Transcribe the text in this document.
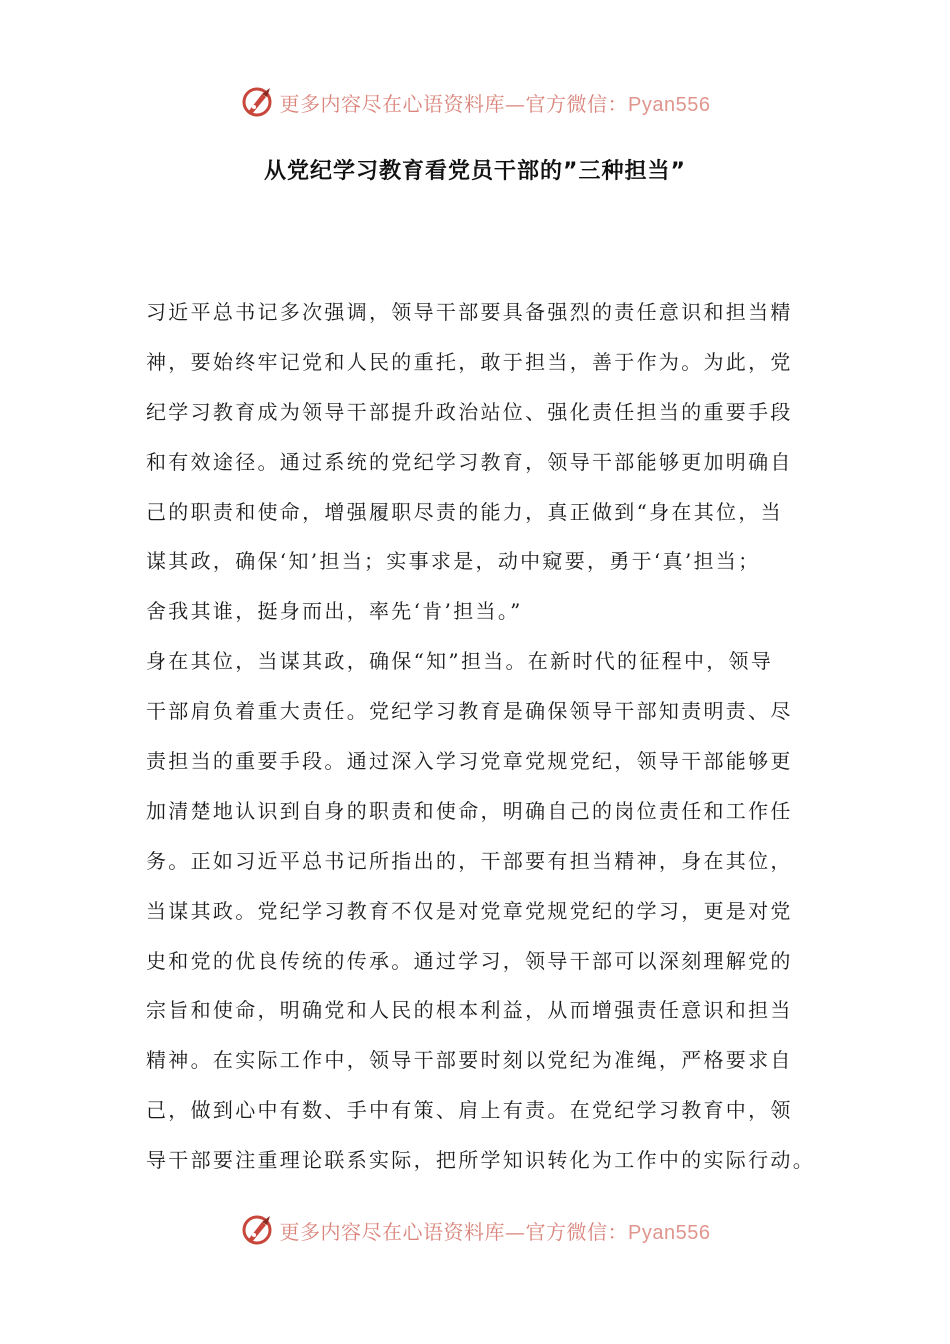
更多内容尽在心语资料库—官方微信：Pyan556
从党纪学习教育看党员干部的”三种担当”
习近平总书记多次强调，领导干部要具备强烈的责任意识和担当精
神，要始终牢记党和人民的重托，敢于担当，善于作为。为此，党
纪学习教育成为领导干部提升政治站位、强化责任担当的重要手段
和有效途径。通过系统的党纪学习教育，领导干部能够更加明确自
己的职责和使命，增强履职尽责的能力，真正做到“身在其位，当
谋其政，确保‘知’担当；实事求是，动中窥要，勇于‘真’担当；
舍我其谁，挺身而出，率先‘肯’担当。”
身在其位，当谋其政，确保“知”担当。在新时代的征程中，领导
干部肩负着重大责任。党纪学习教育是确保领导干部知责明责、尽
责担当的重要手段。通过深入学习党章党规党纪，领导干部能够更
加清楚地认识到自身的职责和使命，明确自己的岗位责任和工作任
务。正如习近平总书记所指出的，干部要有担当精神，身在其位，
当谋其政。党纪学习教育不仅是对党章党规党纪的学习，更是对党
史和党的优良传统的传承。通过学习，领导干部可以深刻理解党的
宗旨和使命，明确党和人民的根本利益，从而增强责任意识和担当
精神。在实际工作中，领导干部要时刻以党纪为准绳，严格要求自
己，做到心中有数、手中有策、肩上有责。在党纪学习教育中，领
导干部要注重理论联系实际，把所学知识转化为工作中的实际行动。
更多内容尽在心语资料库—官方微信：Pyan556
